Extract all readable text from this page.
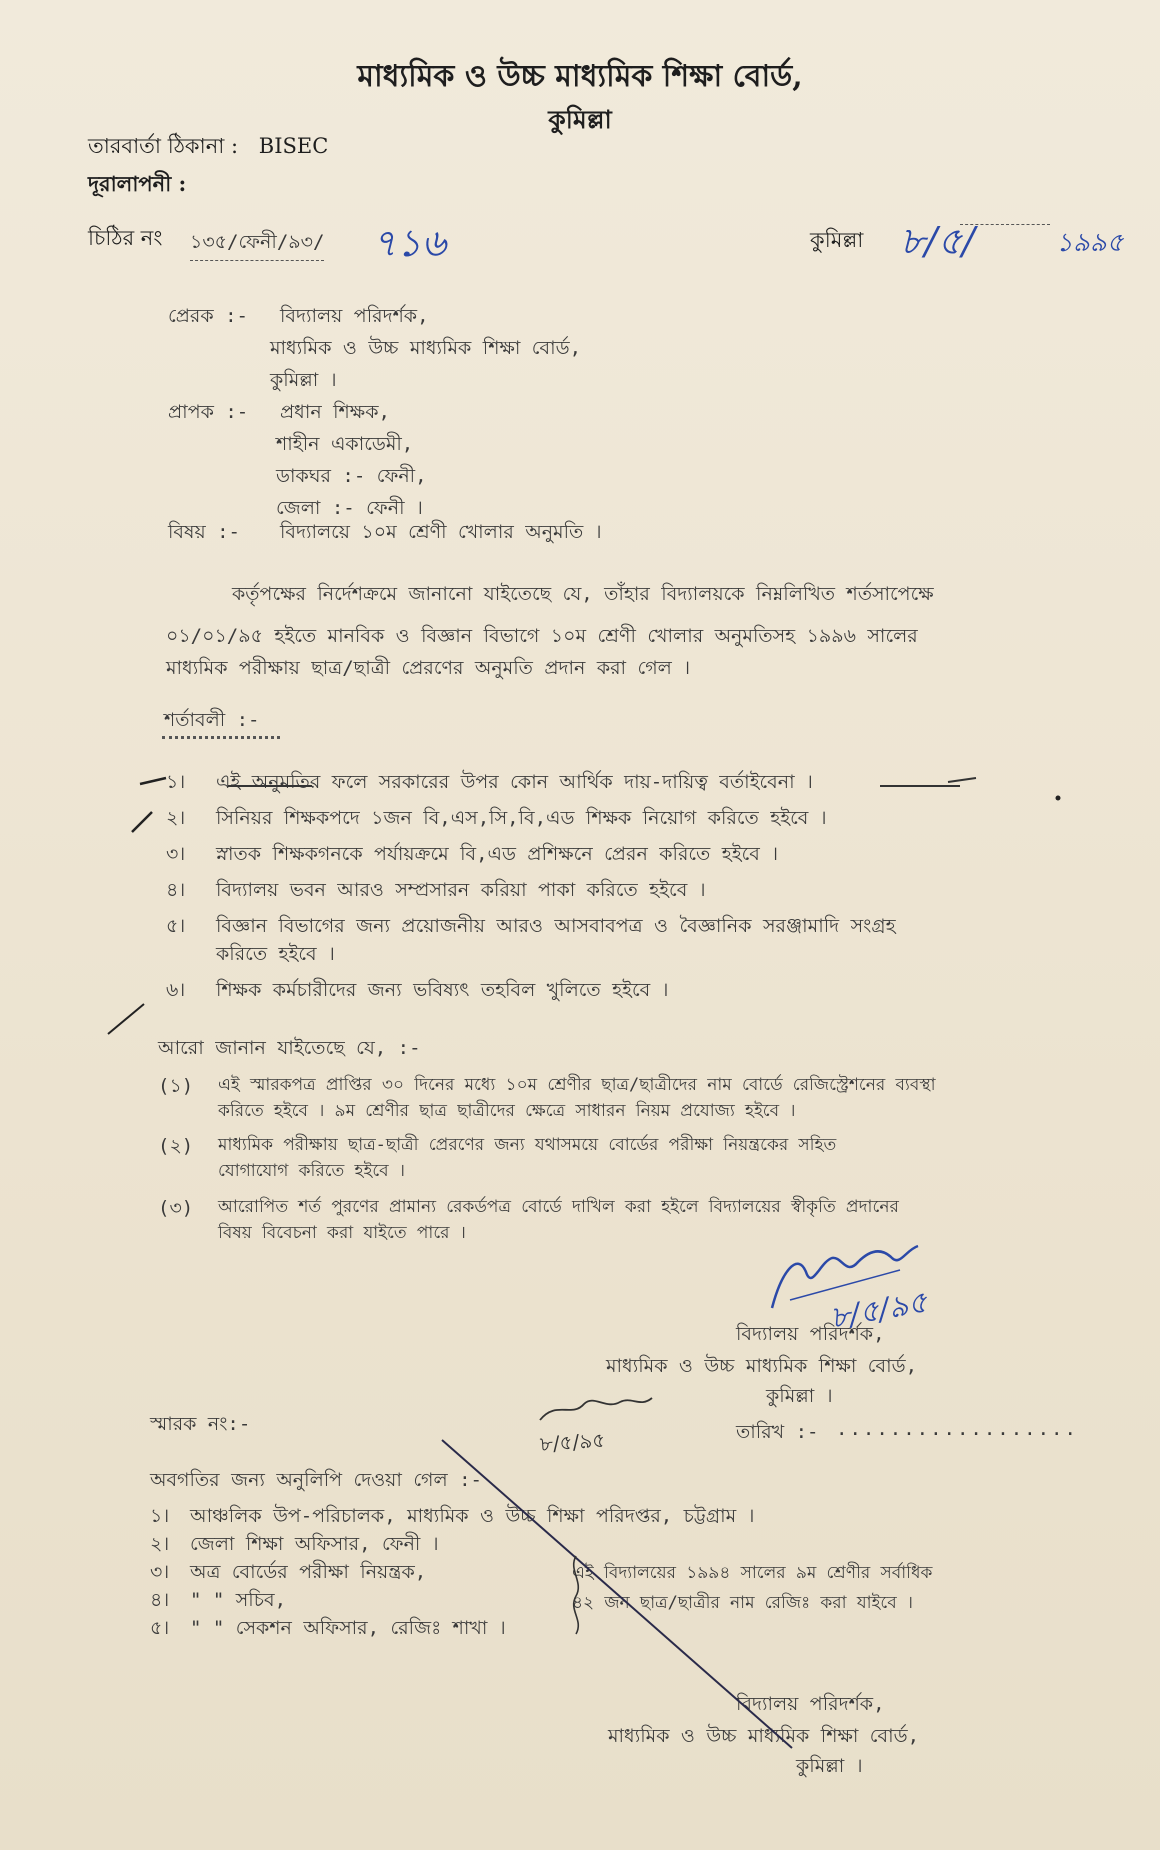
মাধ্যমিক ও উচ্চ মাধ্যমিক শিক্ষা বোর্ড,
কুমিল্লা
তারবার্তা ঠিকানা : BISEC
দূরালাপনী :
চিঠির নং ১৩৫/ফেনী/৯৩/ ৭১৬	কুমিল্লা ৮/৫/	১৯৯৫
প্রেরক :- বিদ্যালয় পরিদর্শক,
মাধ্যমিক ও উচ্চ মাধ্যমিক শিক্ষা বোর্ড,
কুমিল্লা ।
প্রাপক :- প্রধান শিক্ষক,
শাহীন একাডেমী,
ডাকঘর :- ফেনী,
জেলা :- ফেনী ।
বিষয় :- বিদ্যালয়ে ১০ম শ্রেণী খোলার অনুমতি ।
কর্তৃপক্ষের নির্দেশক্রমে জানানো যাইতেছে যে, তাঁহার বিদ্যালয়কে নিম্নলিখিত শর্তসাপেক্ষে
০১/০১/৯৫ হইতে মানবিক ও বিজ্ঞান বিভাগে ১০ম শ্রেণী খোলার অনুমতিসহ ১৯৯৬ সালের
মাধ্যমিক পরীক্ষায় ছাত্র/ছাত্রী প্রেরণের অনুমতি প্রদান করা গেল ।
শর্তাবলী :-
১। এই অনুমতির ফলে সরকারের উপর কোন আর্থিক দায়-দায়িত্ব বর্তাইবেনা ।
২। সিনিয়র শিক্ষকপদে ১জন বি,এস,সি,বি,এড শিক্ষক নিয়োগ করিতে হইবে ।
৩। স্নাতক শিক্ষকগনকে পর্যায়ক্রমে বি,এড প্রশিক্ষনে প্রেরন করিতে হইবে ।
৪। বিদ্যালয় ভবন আরও সম্প্রসারন করিয়া পাকা করিতে হইবে ।
৫। বিজ্ঞান বিভাগের জন্য প্রয়োজনীয় আরও আসবাবপত্র ও বৈজ্ঞানিক সরঞ্জামাদি সংগ্রহ
করিতে হইবে ।
৬। শিক্ষক কর্মচারীদের জন্য ভবিষ্যৎ তহবিল খুলিতে হইবে ।
আরো জানান যাইতেছে যে, :-
(১) এই স্মারকপত্র প্রাপ্তির ৩০ দিনের মধ্যে ১০ম শ্রেণীর ছাত্র/ছাত্রীদের নাম বোর্ডে রেজিস্ট্রেশনের ব্যবস্থা
করিতে হইবে । ৯ম শ্রেণীর ছাত্র ছাত্রীদের ক্ষেত্রে সাধারন নিয়ম প্রযোজ্য হইবে ।
(২) মাধ্যমিক পরীক্ষায় ছাত্র-ছাত্রী প্রেরণের জন্য যথাসময়ে বোর্ডের পরীক্ষা নিয়ন্ত্রকের সহিত
যোগাযোগ করিতে হইবে ।
(৩) আরোপিত শর্ত পুরণের প্রামান্য রেকর্ডপত্র বোর্ডে দাখিল করা হইলে বিদ্যালয়ের স্বীকৃতি প্রদানের
বিষয় বিবেচনা করা যাইতে পারে ।
৮/৫/৯৫
বিদ্যালয় পরিদর্শক,
মাধ্যমিক ও উচ্চ মাধ্যমিক শিক্ষা বোর্ড,
কুমিল্লা ।
স্মারক নং:-
৮/৫/৯৫	তারিখ :- ..................
অবগতির জন্য অনুলিপি দেওয়া গেল :-
১। আঞ্চলিক উপ-পরিচালক, মাধ্যমিক ও উচ্চ শিক্ষা পরিদপ্তর, চট্টগ্রাম ।
২। জেলা শিক্ষা অফিসার, ফেনী ।
৩। অত্র বোর্ডের পরীক্ষা নিয়ন্ত্রক,
৪। " " সচিব,
৫। " " সেকশন অফিসার, রেজিঃ শাখা ।
এই বিদ্যালয়ের ১৯৯৪ সালের ৯ম শ্রেণীর সর্বাধিক
৪২ জন ছাত্র/ছাত্রীর নাম রেজিঃ করা যাইবে ।
বিদ্যালয় পরিদর্শক,
মাধ্যমিক ও উচ্চ মাধ্যমিক শিক্ষা বোর্ড,
কুমিল্লা ।
